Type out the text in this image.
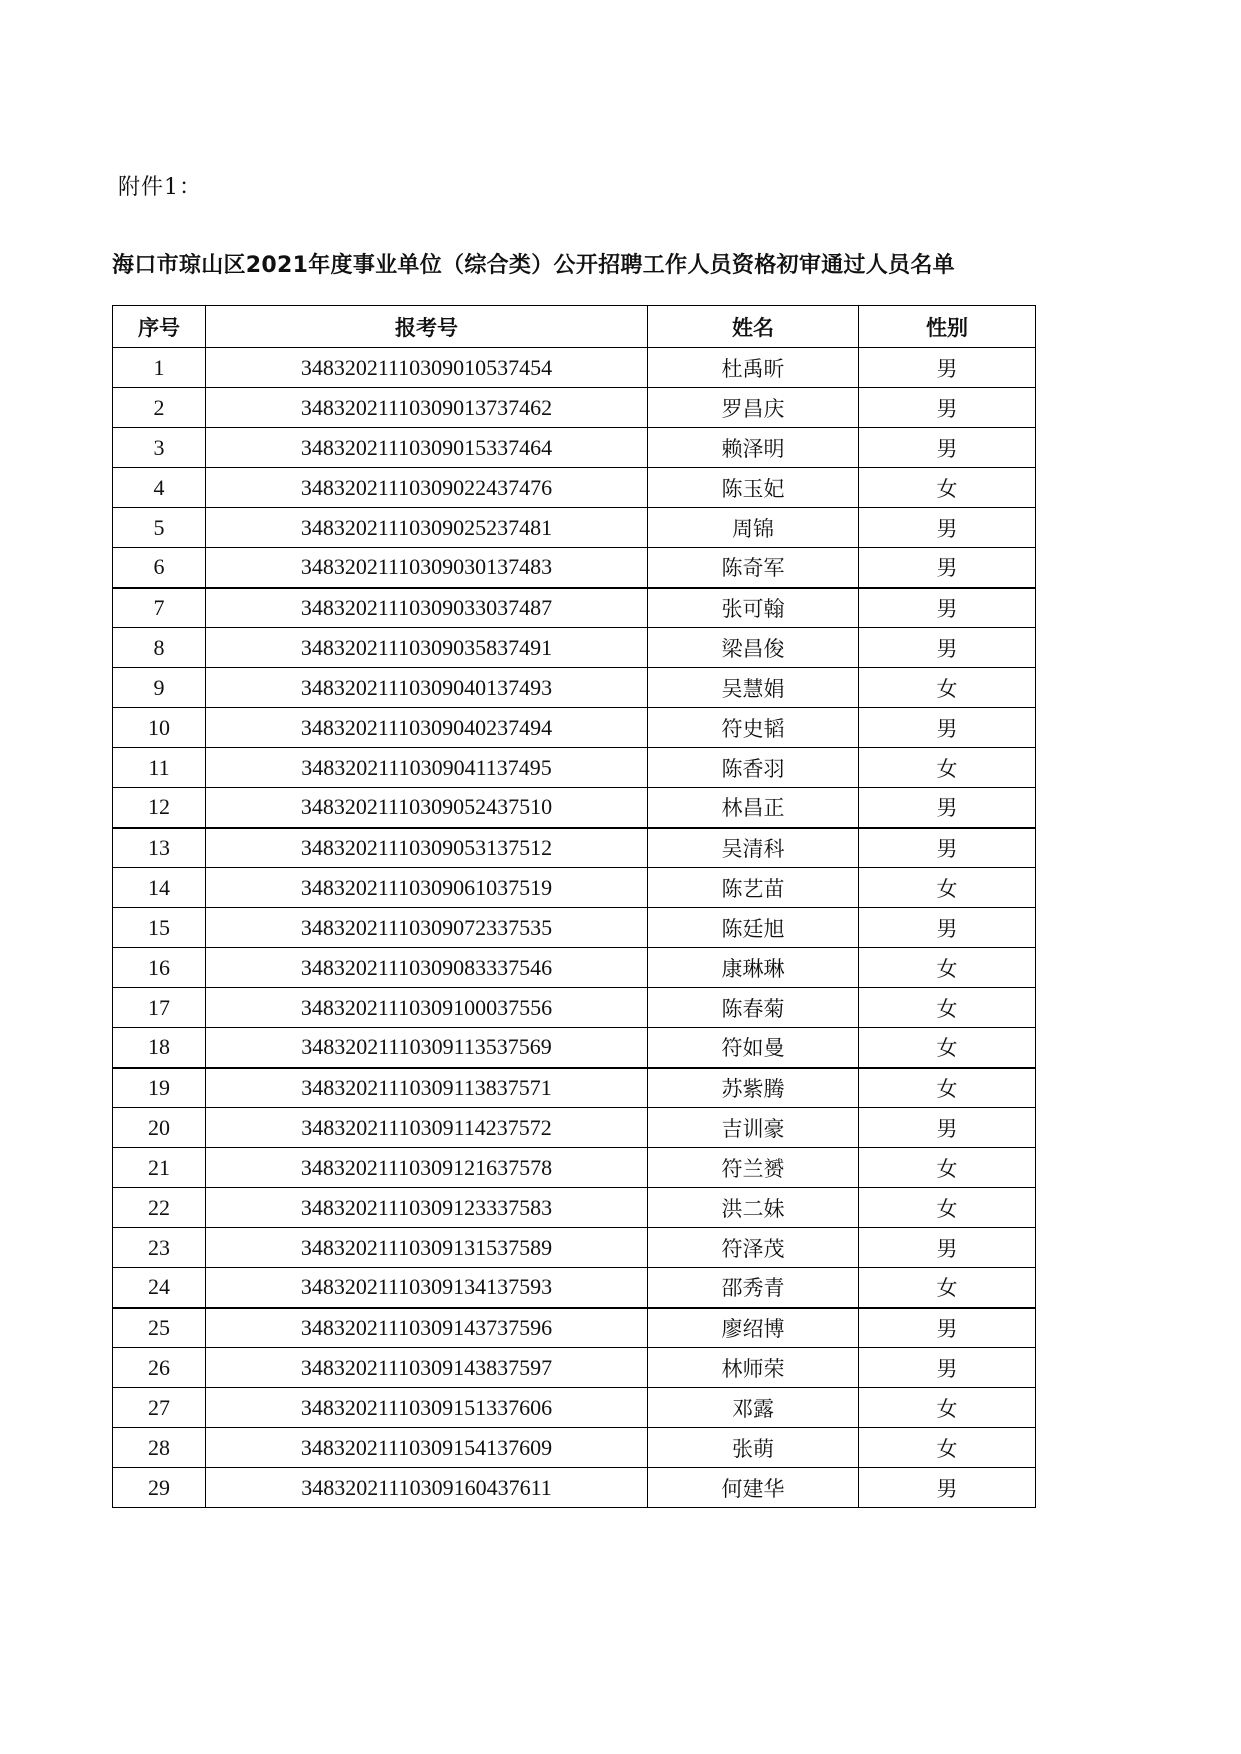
附件1：
海口市琼山区2021年度事业单位（综合类）公开招聘工作人员资格初审通过人员名单
序号	报考号	姓名	性别
1	34832021110309010537454	杜禹昕	男
2	34832021110309013737462	罗昌庆	男
3	34832021110309015337464	赖泽明	男
4	34832021110309022437476	陈玉妃	女
5	34832021110309025237481	周锦	男
6	34832021110309030137483	陈奇军	男
7	34832021110309033037487	张可翰	男
8	34832021110309035837491	梁昌俊	男
9	34832021110309040137493	吴慧娟	女
10	34832021110309040237494	符史韬	男
11	34832021110309041137495	陈香羽	女
12	34832021110309052437510	林昌正	男
13	34832021110309053137512	吴清科	男
14	34832021110309061037519	陈艺苗	女
15	34832021110309072337535	陈廷旭	男
16	34832021110309083337546	康琳琳	女
17	34832021110309100037556	陈春菊	女
18	34832021110309113537569	符如曼	女
19	34832021110309113837571	苏紫腾	女
20	34832021110309114237572	吉训豪	男
21	34832021110309121637578	符兰赟	女
22	34832021110309123337583	洪二妹	女
23	34832021110309131537589	符泽茂	男
24	34832021110309134137593	邵秀青	女
25	34832021110309143737596	廖绍博	男
26	34832021110309143837597	林师荣	男
27	34832021110309151337606	邓露	女
28	34832021110309154137609	张萌	女
29	34832021110309160437611	何建华	男
